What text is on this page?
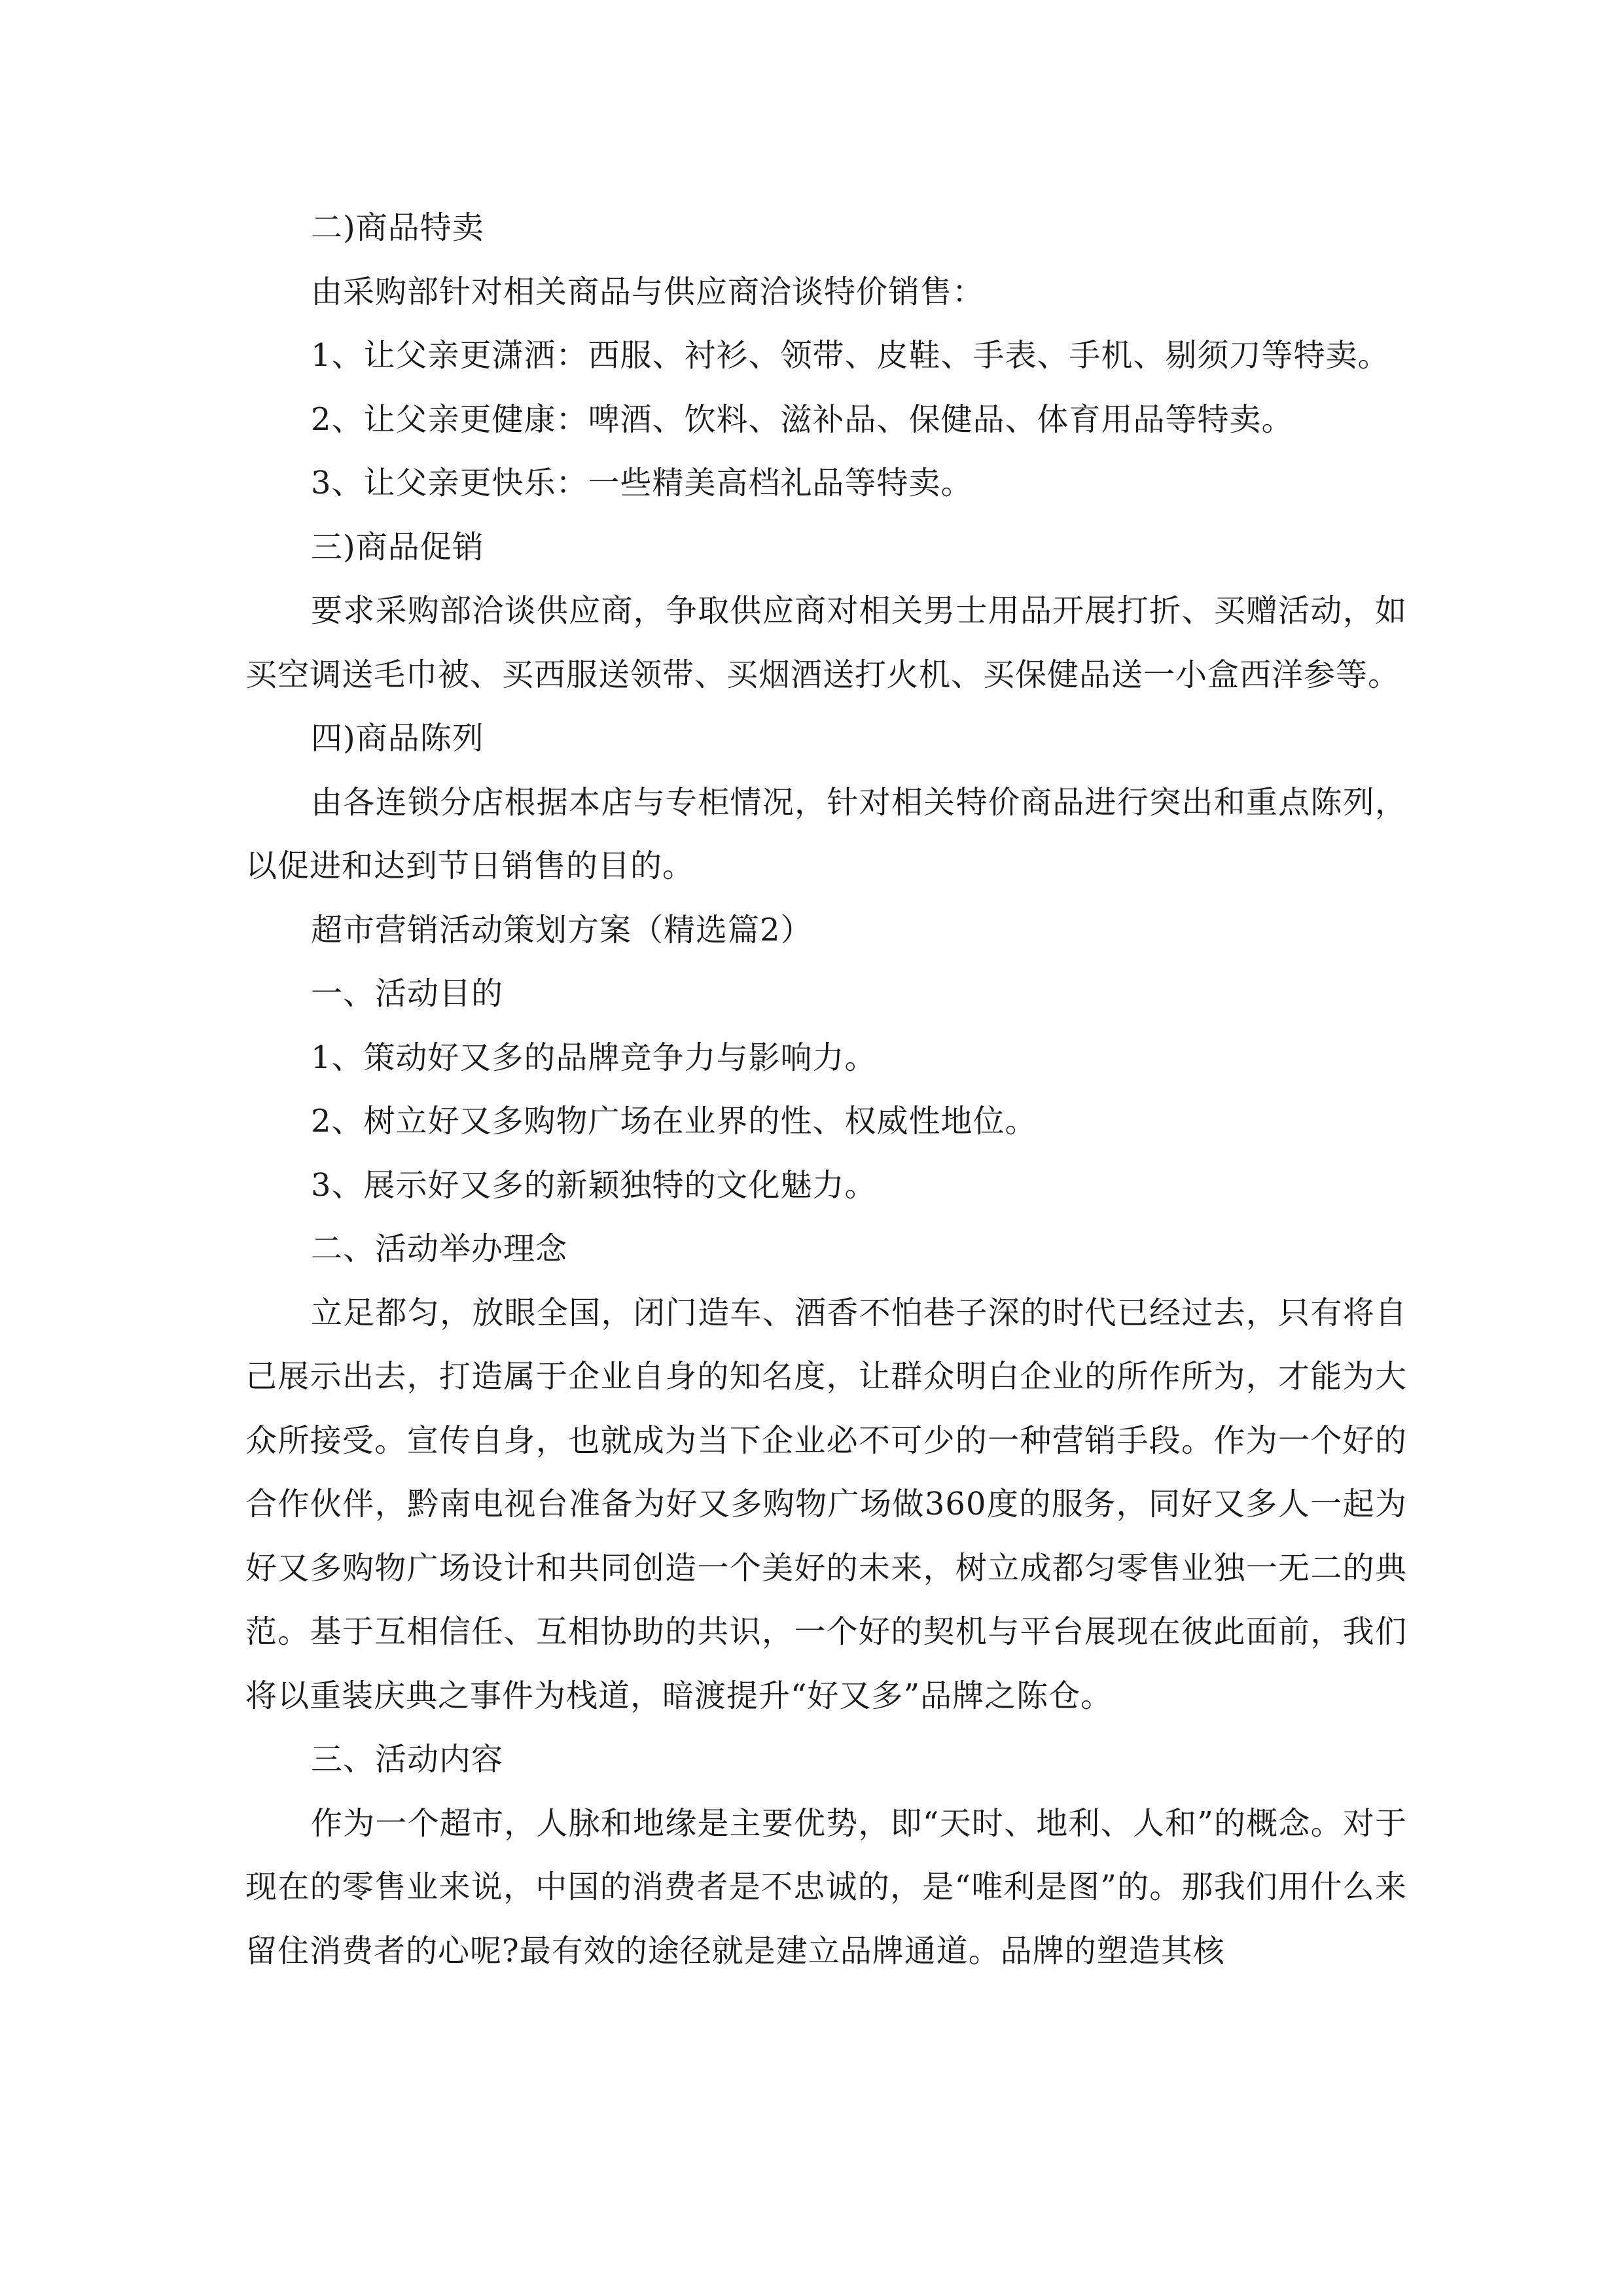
二)商品特卖

由采购部针对相关商品与供应商洽谈特价销售：

1、让父亲更潇洒：西服、衬衫、领带、皮鞋、手表、手机、剔须刀等特卖。

2、让父亲更健康：啤酒、饮料、滋补品、保健品、体育用品等特卖。

3、让父亲更快乐：一些精美高档礼品等特卖。

三)商品促销

要求采购部洽谈供应商，争取供应商对相关男士用品开展打折、买赠活动，如买空调送毛巾被、买西服送领带、买烟酒送打火机、买保健品送一小盒西洋参等。

四)商品陈列

由各连锁分店根据本店与专柜情况，针对相关特价商品进行突出和重点陈列，以促进和达到节日销售的目的。

超市营销活动策划方案（精选篇2）

一、活动目的

1、策动好又多的品牌竞争力与影响力。

2、树立好又多购物广场在业界的性、权威性地位。

3、展示好又多的新颖独特的文化魅力。

二、活动举办理念

立足都匀，放眼全国，闭门造车、酒香不怕巷子深的时代已经过去，只有将自己展示出去，打造属于企业自身的知名度，让群众明白企业的所作所为，才能为大众所接受。宣传自身，也就成为当下企业必不可少的一种营销手段。作为一个好的合作伙伴，黔南电视台准备为好又多购物广场做360度的服务，同好又多人一起为好又多购物广场设计和共同创造一个美好的未来，树立成都匀零售业独一无二的典范。基于互相信任、互相协助的共识，一个好的契机与平台展现在彼此面前，我们将以重装庆典之事件为栈道，暗渡提升“好又多”品牌之陈仓。

三、活动内容

作为一个超市，人脉和地缘是主要优势，即“天时、地利、人和”的概念。对于现在的零售业来说，中国的消费者是不忠诚的，是“唯利是图”的。那我们用什么来留住消费者的心呢?最有效的途径就是建立品牌通道。品牌的塑造其核
